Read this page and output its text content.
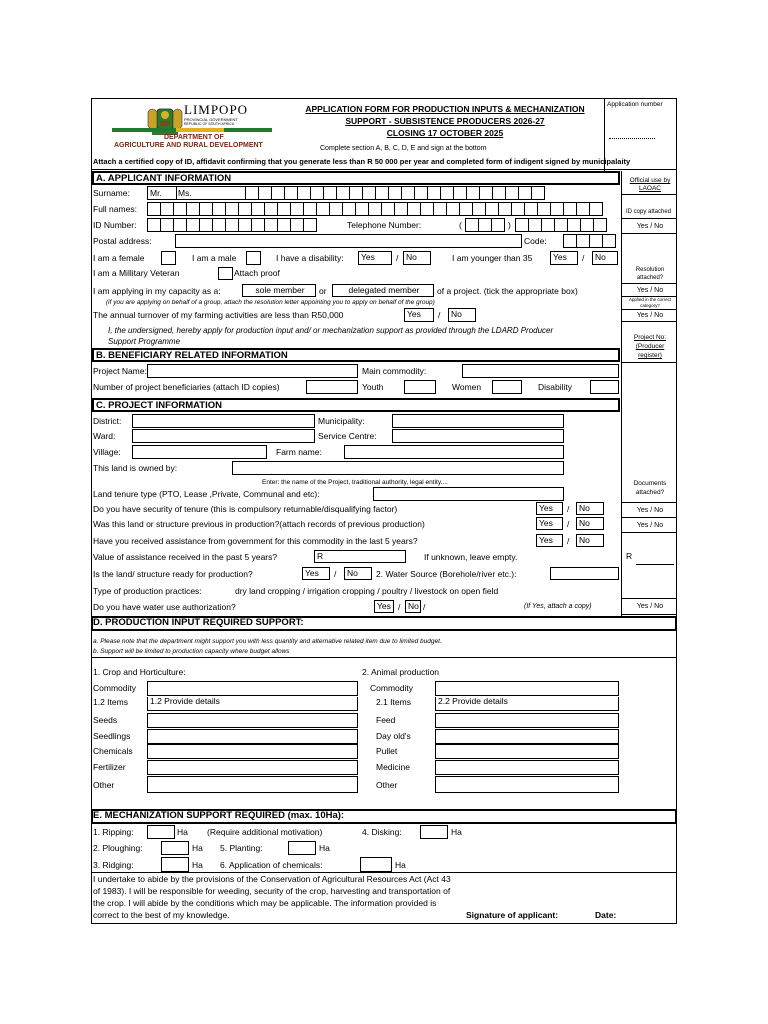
LIMPOPO
PROVINCIAL GOVERNMENT
REPUBLIC OF SOUTH AFRICA
DEPARTMENT OF
AGRICULTURE AND RURAL DEVELOPMENT
APPLICATION FORM FOR PRODUCTION INPUTS & MECHANIZATION
SUPPORT - SUBSISTENCE PRODUCERS 2026-27
CLOSING 17 OCTOBER 2025
Complete section A, B, C, D, E and sign at the bottom
Application number
Attach a certified copy of ID, affidavit confirming that you generate less than R 50 000 per year and completed form of indigent signed by municipalaity
A. APPLICANT INFORMATION
Surname: Mr. Ms.
Full names:
ID Number:	Telephone Number:	(	)
Postal address:	Code:
I am a female	I am a male	I have a disability:	Yes	/ No	I am younger than 35	Yes	/	No
I am a Millitary Veteran	Attach proof
I am applying in my capacity as a:	sole member	or	delegated member	of a project. (tick the appropriate box)
(if you are applying on behalf of a group, attach the resolution letter appointing you to apply on behalf of the group)
The annual turnover of my farming activities are less than R50,000	Yes	/	No
I, the undersigned, hereby apply for production input and/ or mechanization support as provided through the LDARD Producer
Support Programme
Official use by
LAOAC
ID copy attached
Yes / No
Resolution
attached?
Yes / No
Applied in the correct
category?
Yes / No
Project No:
(Producer
register)
Documents
attached?
Yes / No
Yes / No
R
Yes / No
B. BENEFICIARY RELATED INFORMATION
Project Name:	Main commodity:
Number of project beneficiaries (attach ID copies)	Youth	Women	Disability
C. PROJECT INFORMATION
District:	Municipality:
Ward:	Service Centre:
Village:	Farm name:
This land is owned by:
Enter: the name of the Project, traditional authority, legal entity....
Land tenure type (PTO, Lease ,Private, Communal and etc):
Do you have security of tenure (this is compulsory returnable/disqualifying factor)	Yes	/	No
Was this land or structure previous in production?(attach records of previous production)	Yes	/	No
Have you received assistance from government for this commodity in the last 5 years?	Yes	/	No
Value of assistance received in the past 5 years?	R	If unknown, leave empty.
Is the land/ structure ready for production?	Yes	/	No	2. Water Source (Borehole/river etc.):
Type of production practices:	dry land cropping / irrigation cropping / poultry / livestock on open field
Do you have water use authorization?	Yes / No /	(If Yes, attach a copy)
D. PRODUCTION INPUT REQUIRED SUPPORT:
a. Please note that the department might support you with less quantity and alternative related item due to limited budget.
b. Support will be limited to production capacity where budget allows
1. Crop and Horticulture:	2. Animal production
Commodity	Commodity
1.2 Items	1.2 Provide details	2.1 Items	2.2 Provide details
Seeds	Feed
Seedlings	Day old's
Chemicals	Pullet
Fertilizer	Medicine
Other	Other
E. MECHANIZATION SUPPORT REQUIRED (max. 10Ha):
1. Ripping:	Ha (Require additional motivation)	4. Disking:	Ha
2. Ploughing:	Ha 5. Planting:	Ha
3. Ridging:	Ha 6. Application of chemicals:	Ha
I undertake to abide by the provisions of the Conservation of Agricultural Resources Act (Act 43
of 1983). I will be responsible for weeding, security of the crop, harvesting and transportation of
the crop. I will abide by the conditions which may be applicable. The information provided is
correct to the best of my knowledge.	Signature of applicant:	Date:
